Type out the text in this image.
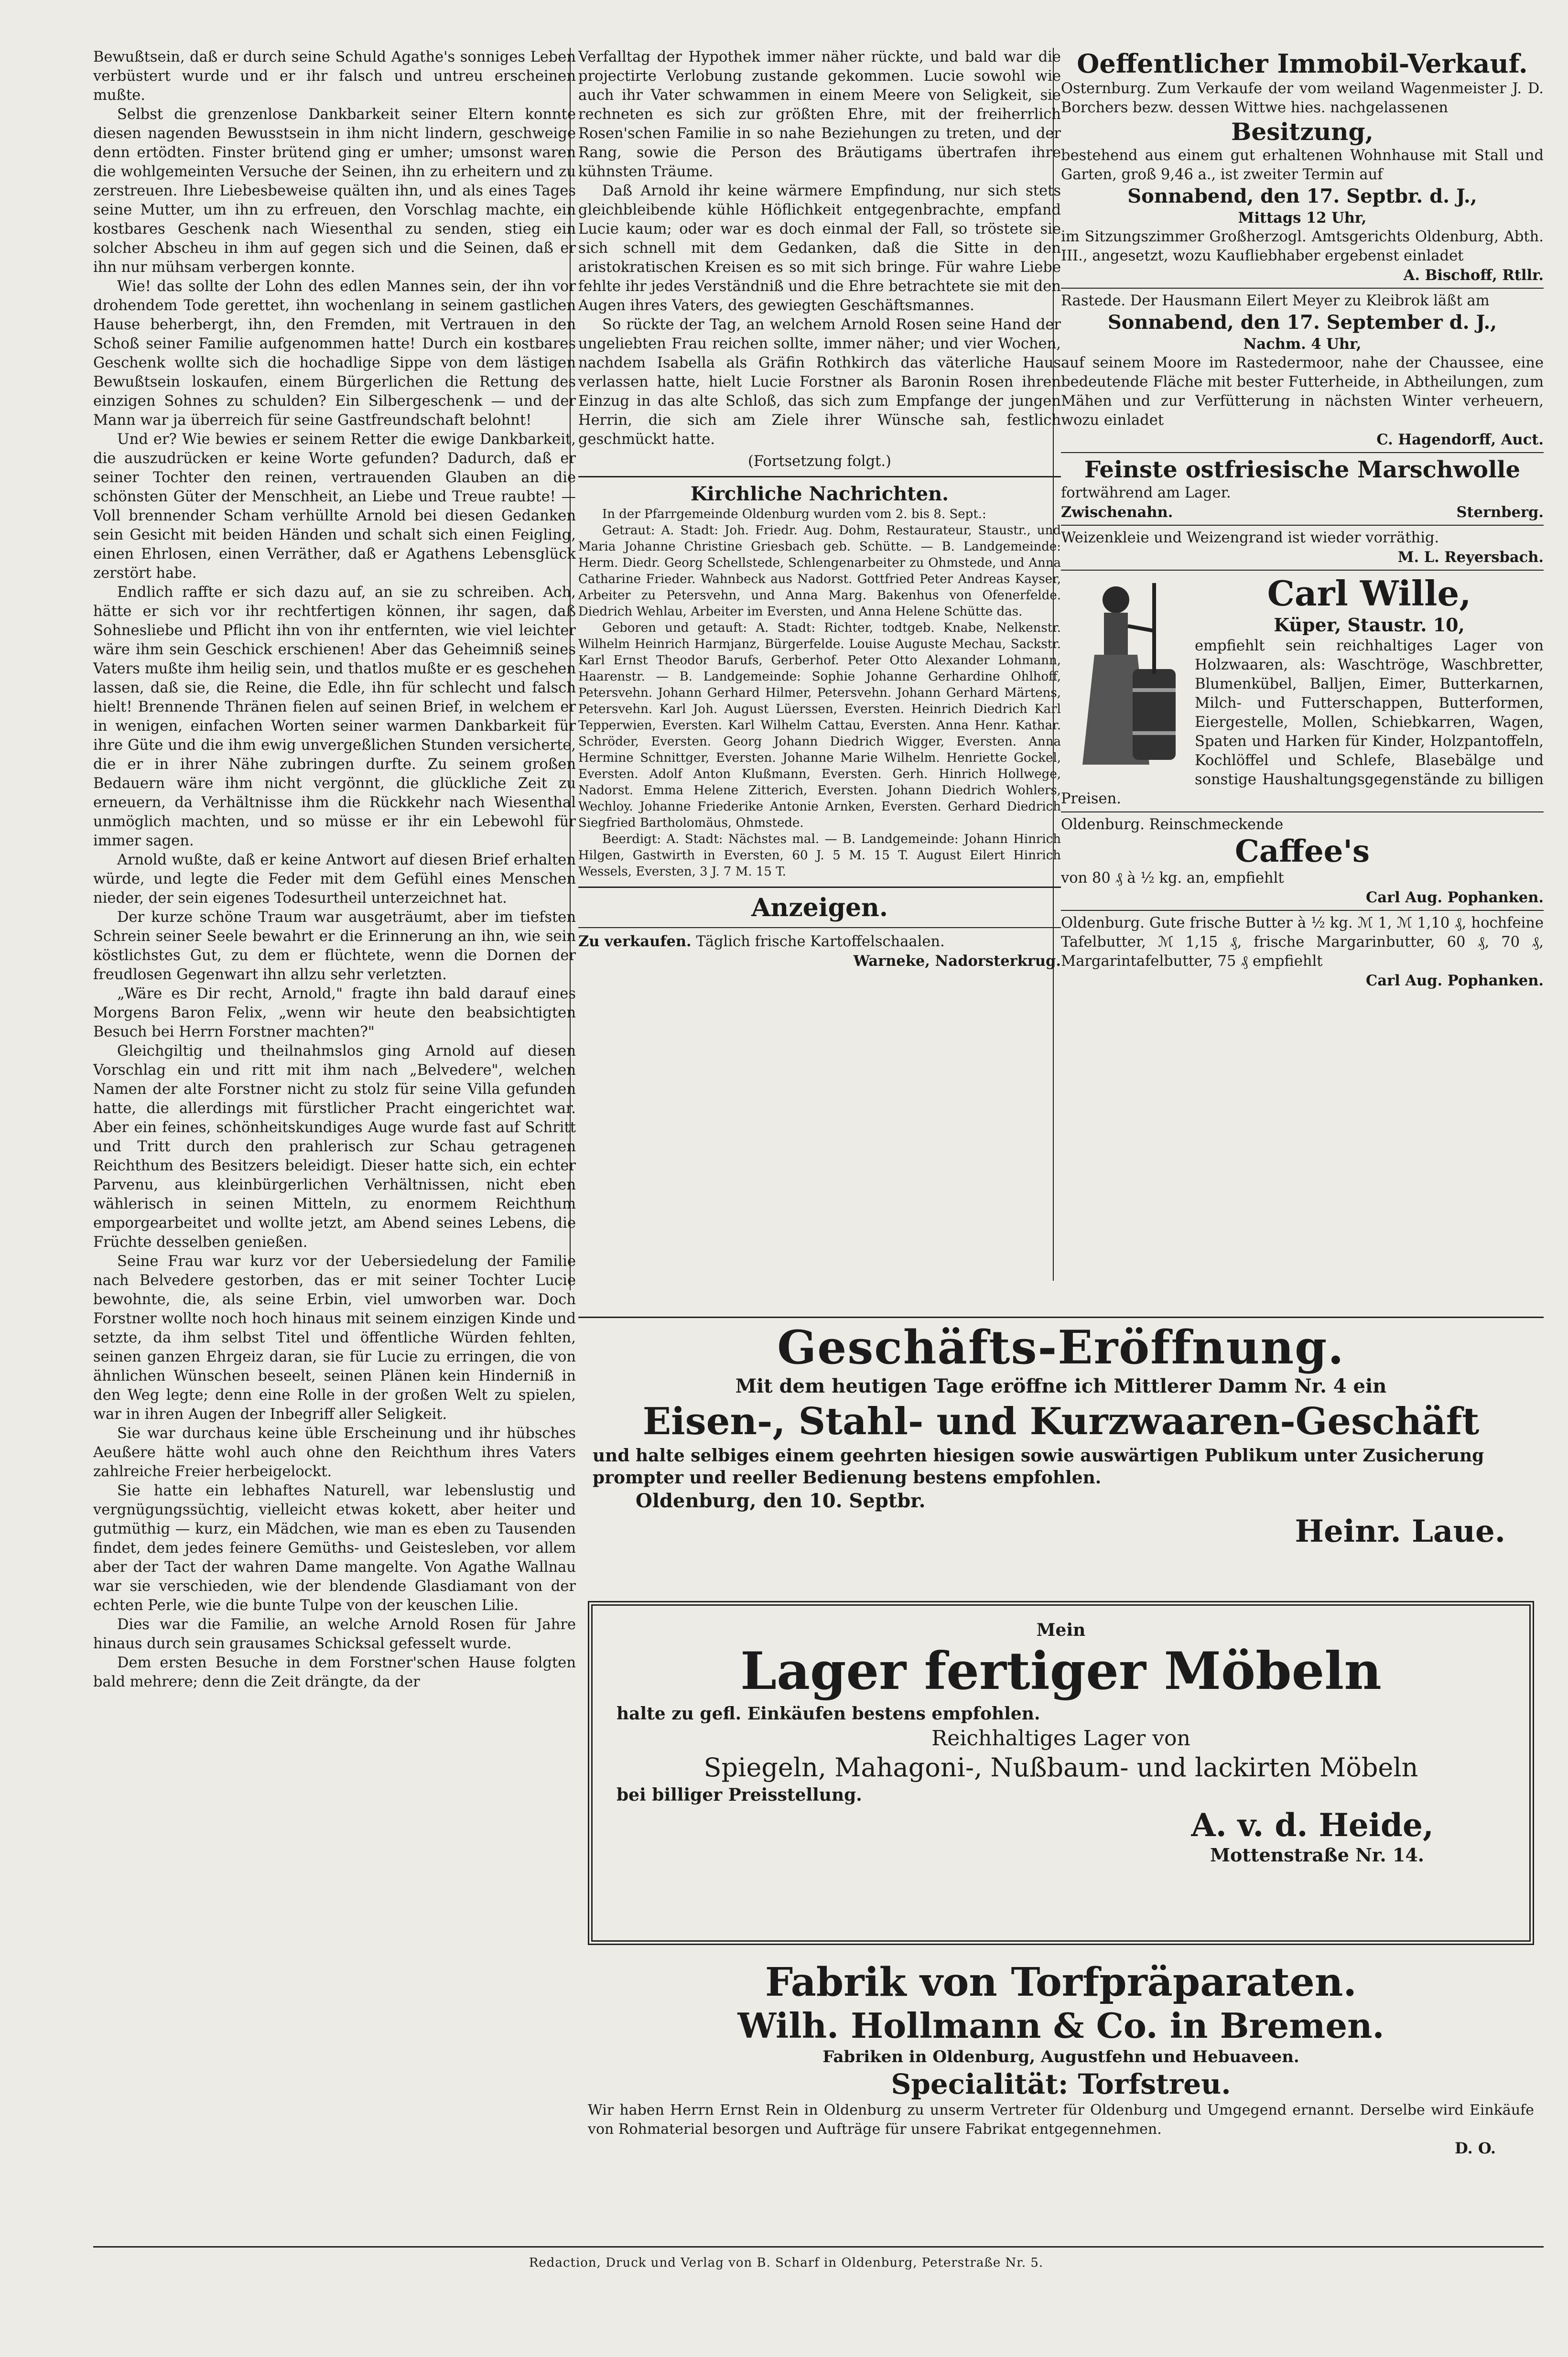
Bewußtsein, daß er durch seine Schuld Agathe's sonniges Leben verbüstert wurde und er ihr falsch und untreu erscheinen mußte.

Selbst die grenzenlose Dankbarkeit seiner Eltern konnte diesen nagenden Bewusstsein in ihm nicht lindern, geschweige denn ertödten. Finster brütend ging er umher; umsonst waren die wohlgemeinten Versuche der Seinen, ihn zu erheitern und zu zerstreuen. Ihre Liebesbeweise quälten ihn, und als eines Tages seine Mutter, um ihn zu erfreuen, den Vorschlag machte, ein kostbares Geschenk nach Wiesenthal zu senden, stieg ein solcher Abscheu in ihm auf gegen sich und die Seinen, daß er ihn nur mühsam verbergen konnte.

Wie! das sollte der Lohn des edlen Mannes sein, der ihn vor drohendem Tode gerettet, ihn wochenlang in seinem gastlichen Hause beherbergt, ihn, den Fremden, mit Vertrauen in den Schoß seiner Familie aufgenommen hatte! Durch ein kostbares Geschenk wollte sich die hochadlige Sippe von dem lästigen Bewußtsein loskaufen, einem Bürgerlichen die Rettung des einzigen Sohnes zu schulden? Ein Silbergeschenk — und der Mann war ja überreich für seine Gastfreundschaft belohnt!

Und er? Wie bewies er seinem Retter die ewige Dankbarkeit, die auszudrücken er keine Worte gefunden? Dadurch, daß er seiner Tochter den reinen, vertrauenden Glauben an die schönsten Güter der Menschheit, an Liebe und Treue raubte! — Voll brennender Scham verhüllte Arnold bei diesen Gedanken sein Gesicht mit beiden Händen und schalt sich einen Feigling, einen Ehrlosen, einen Verräther, daß er Agathens Lebensglück zerstört habe.

Endlich raffte er sich dazu auf, an sie zu schreiben. Ach, hätte er sich vor ihr rechtfertigen können, ihr sagen, daß Sohnesliebe und Pflicht ihn von ihr entfernten, wie viel leichter wäre ihm sein Geschick erschienen! Aber das Geheimniß seines Vaters mußte ihm heilig sein, und thatlos mußte er es geschehen lassen, daß sie, die Reine, die Edle, ihn für schlecht und falsch hielt! Brennende Thränen fielen auf seinen Brief, in welchem er in wenigen, einfachen Worten seiner warmen Dankbarkeit für ihre Güte und die ihm ewig unvergeßlichen Stunden versicherte, die er in ihrer Nähe zubringen durfte. Zu seinem großen Bedauern wäre ihm nicht vergönnt, die glückliche Zeit zu erneuern, da Verhältnisse ihm die Rückkehr nach Wiesenthal unmöglich machten, und so müsse er ihr ein Lebewohl für immer sagen.

Arnold wußte, daß er keine Antwort auf diesen Brief erhalten würde, und legte die Feder mit dem Gefühl eines Menschen nieder, der sein eigenes Todesurtheil unterzeichnet hat.

Der kurze schöne Traum war ausgeträumt, aber im tiefsten Schrein seiner Seele bewahrt er die Erinnerung an ihn, wie sein köstlichstes Gut, zu dem er flüchtete, wenn die Dornen der freudlosen Gegenwart ihn allzu sehr verletzten.

„Wäre es Dir recht, Arnold," fragte ihn bald darauf eines Morgens Baron Felix, „wenn wir heute den beabsichtigten Besuch bei Herrn Forstner machten?"

Gleichgiltig und theilnahmslos ging Arnold auf diesen Vorschlag ein und ritt mit ihm nach „Belvedere", welchen Namen der alte Forstner nicht zu stolz für seine Villa gefunden hatte, die allerdings mit fürstlicher Pracht eingerichtet war. Aber ein feines, schönheitskundiges Auge wurde fast auf Schritt und Tritt durch den prahlerisch zur Schau getragenen Reichthum des Besitzers beleidigt. Dieser hatte sich, ein echter Parvenu, aus kleinbürgerlichen Verhältnissen, nicht eben wählerisch in seinen Mitteln, zu enormem Reichthum emporgearbeitet und wollte jetzt, am Abend seines Lebens, die Früchte desselben genießen.

Seine Frau war kurz vor der Uebersiedelung der Familie nach Belvedere gestorben, das er mit seiner Tochter Lucie bewohnte, die, als seine Erbin, viel umworben war. Doch Forstner wollte noch hoch hinaus mit seinem einzigen Kinde und setzte, da ihm selbst Titel und öffentliche Würden fehlten, seinen ganzen Ehrgeiz daran, sie für Lucie zu erringen, die von ähnlichen Wünschen beseelt, seinen Plänen kein Hinderniß in den Weg legte; denn eine Rolle in der großen Welt zu spielen, war in ihren Augen der Inbegriff aller Seligkeit.

Sie war durchaus keine üble Erscheinung und ihr hübsches Aeußere hätte wohl auch ohne den Reichthum ihres Vaters zahlreiche Freier herbeigelockt.

Sie hatte ein lebhaftes Naturell, war lebenslustig und vergnügungssüchtig, vielleicht etwas kokett, aber heiter und gutmüthig — kurz, ein Mädchen, wie man es eben zu Tausenden findet, dem jedes feinere Gemüths- und Geistesleben, vor allem aber der Tact der wahren Dame mangelte. Von Agathe Wallnau war sie verschieden, wie der blendende Glasdiamant von der echten Perle, wie die bunte Tulpe von der keuschen Lilie.

Dies war die Familie, an welche Arnold Rosen für Jahre hinaus durch sein grausames Schicksal gefesselt wurde.

Dem ersten Besuche in dem Forstner'schen Hause folgten bald mehrere; denn die Zeit drängte, da der

Verfalltag der Hypothek immer näher rückte, und bald war die projectirte Verlobung zustande gekommen. Lucie sowohl wie auch ihr Vater schwammen in einem Meere von Seligkeit, sie rechneten es sich zur größten Ehre, mit der freiherrlich Rosen'schen Familie in so nahe Beziehungen zu treten, und der Rang, sowie die Person des Bräutigams übertrafen ihre kühnsten Träume.

Daß Arnold ihr keine wärmere Empfindung, nur sich stets gleichbleibende kühle Höflichkeit entgegenbrachte, empfand Lucie kaum; oder war es doch einmal der Fall, so tröstete sie sich schnell mit dem Gedanken, daß die Sitte in den aristokratischen Kreisen es so mit sich bringe. Für wahre Liebe fehlte ihr jedes Verständniß und die Ehre betrachtete sie mit den Augen ihres Vaters, des gewiegten Geschäftsmannes.

So rückte der Tag, an welchem Arnold Rosen seine Hand der ungeliebten Frau reichen sollte, immer näher; und vier Wochen, nachdem Isabella als Gräfin Rothkirch das väterliche Haus verlassen hatte, hielt Lucie Forstner als Baronin Rosen ihren Einzug in das alte Schloß, das sich zum Empfange der jungen Herrin, die sich am Ziele ihrer Wünsche sah, festlich geschmückt hatte.

(Fortsetzung folgt.)
Kirchliche Nachrichten.

In der Pfarrgemeinde Oldenburg wurden vom 2. bis 8. Sept.:

Getraut: A. Stadt: Joh. Friedr. Aug. Dohm, Restaurateur, Staustr., und Maria Johanne Christine Griesbach geb. Schütte. — B. Landgemeinde: Herm. Diedr. Georg Schellstede, Schlengenarbeiter zu Ohmstede, und Anna Catharine Frieder. Wahnbeck aus Nadorst. Gottfried Peter Andreas Kayser, Arbeiter zu Petersvehn, und Anna Marg. Bakenhus von Ofenerfelde. Diedrich Wehlau, Arbeiter im Eversten, und Anna Helene Schütte das.

Geboren und getauft: A. Stadt: Richter, todtgeb. Knabe, Nelkenstr. Wilhelm Heinrich Harmjanz, Bürgerfelde. Louise Auguste Mechau, Sackstr. Karl Ernst Theodor Barufs, Gerberhof. Peter Otto Alexander Lohmann, Haarenstr. — B. Landgemeinde: Sophie Johanne Gerhardine Ohlhoff, Petersvehn. Johann Gerhard Hilmer, Petersvehn. Johann Gerhard Märtens, Petersvehn. Karl Joh. August Lüerssen, Eversten. Heinrich Diedrich Karl Tepperwien, Eversten. Karl Wilhelm Cattau, Eversten. Anna Henr. Kathar. Schröder, Eversten. Georg Johann Diedrich Wigger, Eversten. Anna Hermine Schnittger, Eversten. Johanne Marie Wilhelm. Henriette Gockel, Eversten. Adolf Anton Klußmann, Eversten. Gerh. Hinrich Hollwege, Nadorst. Emma Helene Zitterich, Eversten. Johann Diedrich Wohlers, Wechloy. Johanne Friederike Antonie Arnken, Eversten. Gerhard Diedrich Siegfried Bartholomäus, Ohmstede.

Beerdigt: A. Stadt: Nächstes mal. — B. Landgemeinde: Johann Hinrich Hilgen, Gastwirth in Eversten, 60 J. 5 M. 15 T. August Eilert Hinrich Wessels, Eversten, 3 J. 7 M. 15 T.

Anzeigen.
Zu verkaufen. Täglich frische Kartoffelschaalen.
Warneke, Nadorsterkrug.
Oeffentlicher Immobil-Verkauf.
Osternburg. Zum Verkaufe der vom weiland Wagenmeister J. D. Borchers bezw. dessen Wittwe hies. nachgelassenen
Besitzung,
bestehend aus einem gut erhaltenen Wohnhause mit Stall und Garten, groß 9,46 a., ist zweiter Termin auf
Sonnabend, den 17. Septbr. d. J.,
Mittags 12 Uhr,
im Sitzungszimmer Großherzogl. Amtsgerichts Oldenburg, Abth. III., angesetzt, wozu Kaufliebhaber ergebenst einladet
A. Bischoff, Rtllr.
Rastede. Der Hausmann Eilert Meyer zu Kleibrok läßt am
Sonnabend, den 17. September d. J.,
Nachm. 4 Uhr,
auf seinem Moore im Rastedermoor, nahe der Chaussee, eine bedeutende Fläche mit bester Futterheide, in Abtheilungen, zum Mähen und zur Verfütterung in nächsten Winter verheuern, wozu einladet
C. Hagendorff, Auct.
Feinste ostfriesische Marschwolle
fortwährend am Lager.
Zwischenahn.	Sternberg.
Weizenkleie und Weizengrand ist wieder vorräthig.
M. L. Reyersbach.
Carl Wille,
Küper, Staustr. 10,
empfiehlt sein reichhaltiges Lager von Holzwaaren, als: Waschtröge, Waschbretter, Blumenkübel, Balljen, Eimer, Butterkarnen, Milch- und Futterschappen, Butterformen, Eiergestelle, Mollen, Schiebkarren, Wagen, Spaten und Harken für Kinder, Holzpantoffeln, Kochlöffel und Schlefe, Blasebälge und sonstige Haushaltungsgegenstände zu billigen Preisen.
Oldenburg. Reinschmeckende
Caffee's
von 80 ₰ à ½ kg. an, empfiehlt
Carl Aug. Pophanken.
Oldenburg. Gute frische Butter à ½ kg. ℳ 1, ℳ 1,10 ₰, hochfeine Tafelbutter, ℳ 1,15 ₰, frische Margarinbutter, 60 ₰, 70 ₰, Margarintafelbutter, 75 ₰ empfiehlt
Carl Aug. Pophanken.
Geschäfts-Eröffnung.
Mit dem heutigen Tage eröffne ich Mittlerer Damm Nr. 4 ein
Eisen-, Stahl- und Kurzwaaren-Geschäft
und halte selbiges einem geehrten hiesigen sowie auswärtigen Publikum unter Zusicherung prompter und reeller Bedienung bestens empfohlen.
Oldenburg, den 10. Septbr.
Heinr. Laue.
Mein
Lager fertiger Möbeln
halte zu gefl. Einkäufen bestens empfohlen.
Reichhaltiges Lager von
Spiegeln, Mahagoni-, Nußbaum- und lackirten Möbeln
bei billiger Preisstellung.
A. v. d. Heide,
Mottenstraße Nr. 14.
Fabrik von Torfpräparaten.
Wilh. Hollmann & Co. in Bremen.
Fabriken in Oldenburg, Augustfehn und Hebuaveen.
Specialität: Torfstreu.
Wir haben Herrn Ernst Rein in Oldenburg zu unserm Vertreter für Oldenburg und Umgegend ernannt. Derselbe wird Einkäufe von Rohmaterial besorgen und Aufträge für unsere Fabrikat entgegennehmen.
D. O.
Redaction, Druck und Verlag von B. Scharf in Oldenburg, Peterstraße Nr. 5.
